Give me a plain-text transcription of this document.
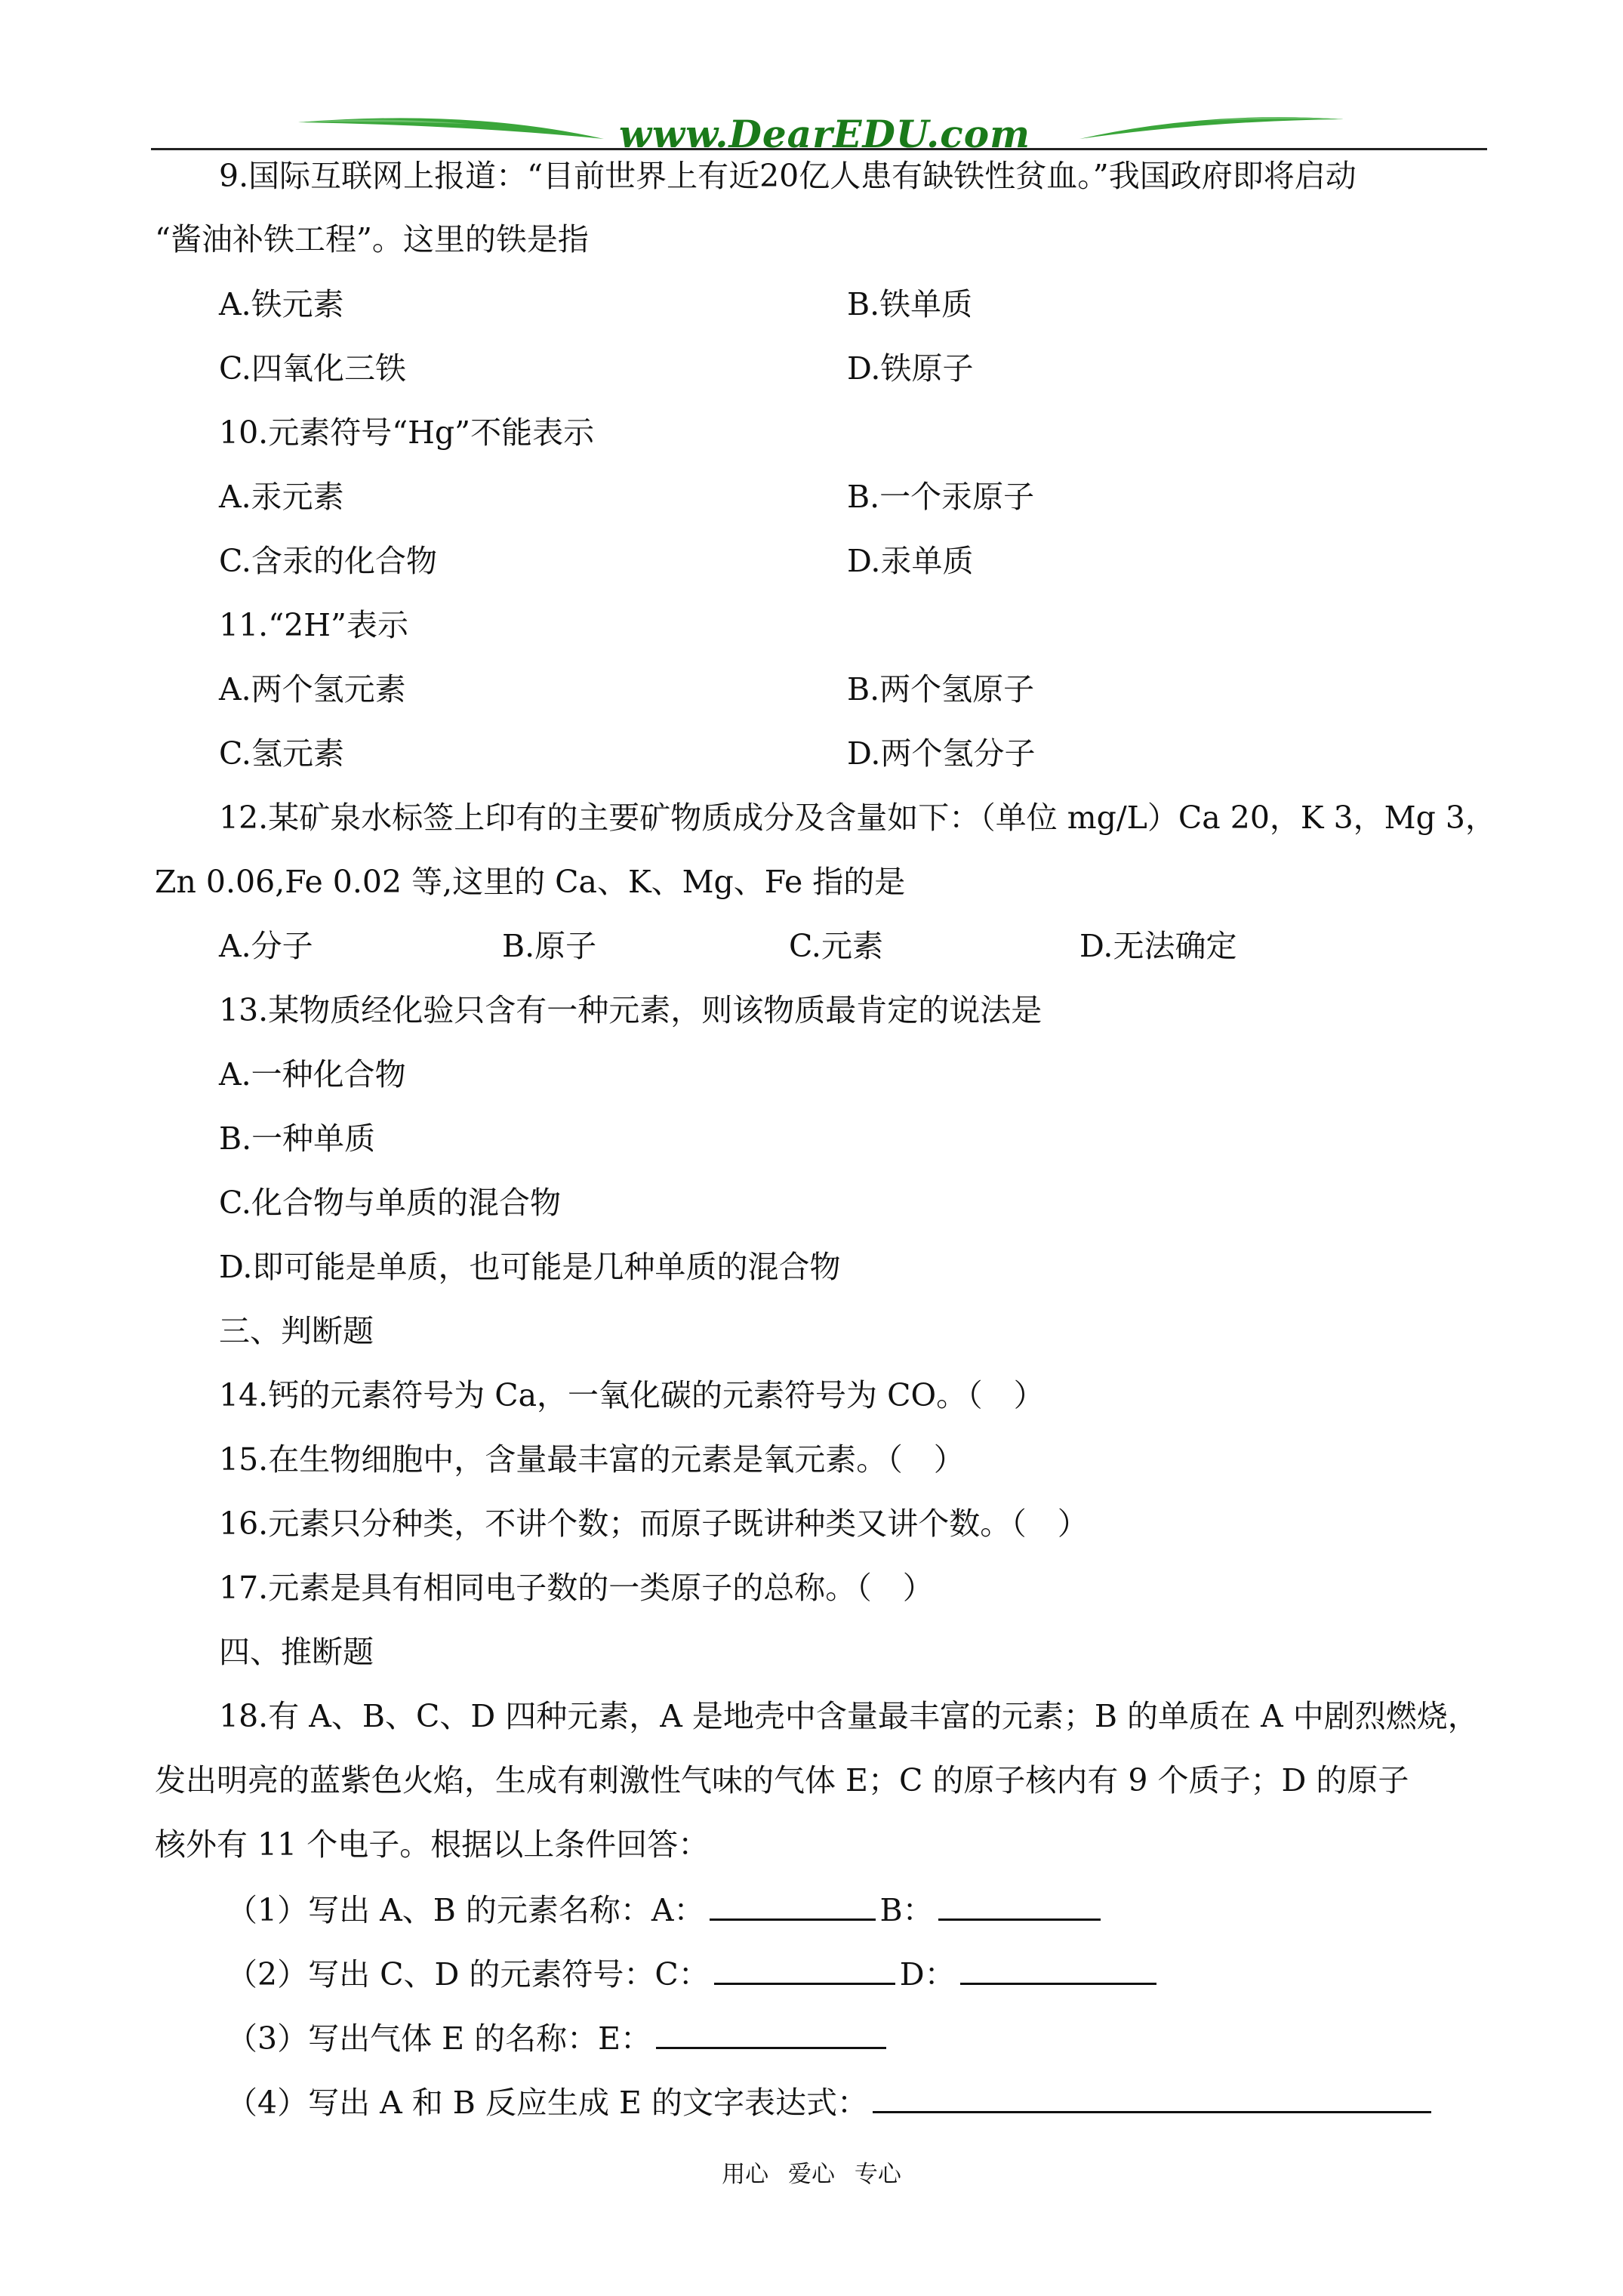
www.DearEDU.com
9.国际互联网上报道：“目前世界上有近20亿人患有缺铁性贫血。”我国政府即将启动
“酱油补铁工程”。这里的铁是指
A.铁元素	B.铁单质
C.四氧化三铁	D.铁原子
10.元素符号“Hg”不能表示
A.汞元素	B.一个汞原子
C.含汞的化合物	D.汞单质
11.“2H”表示
A.两个氢元素	B.两个氢原子
C.氢元素	D.两个氢分子
12.某矿泉水标签上印有的主要矿物质成分及含量如下：（单位 mg/L）Ca 20，K 3，Mg 3，
Zn 0.06,Fe 0.02 等,这里的 Ca、K、Mg、Fe 指的是
A.分子	B.原子	C.元素	D.无法确定
13.某物质经化验只含有一种元素，则该物质最肯定的说法是
A.一种化合物
B.一种单质
C.化合物与单质的混合物
D.即可能是单质，也可能是几种单质的混合物
三、判断题
14.钙的元素符号为 Ca，一氧化碳的元素符号为 CO。（　）
15.在生物细胞中，含量最丰富的元素是氧元素。（　）
16.元素只分种类，不讲个数；而原子既讲种类又讲个数。（　）
17.元素是具有相同电子数的一类原子的总称。（　）
四、推断题
18.有 A、B、C、D 四种元素，A 是地壳中含量最丰富的元素；B 的单质在 A 中剧烈燃烧，
发出明亮的蓝紫色火焰，生成有刺激性气味的气体 E；C 的原子核内有 9 个质子；D 的原子
核外有 11 个电子。根据以上条件回答：
（1）写出 A、B 的元素名称：A：	B：
（2）写出 C、D 的元素符号：C：	D：
（3）写出气体 E 的名称：E：
（4）写出 A 和 B 反应生成 E 的文字表达式：
用心 爱心 专心
